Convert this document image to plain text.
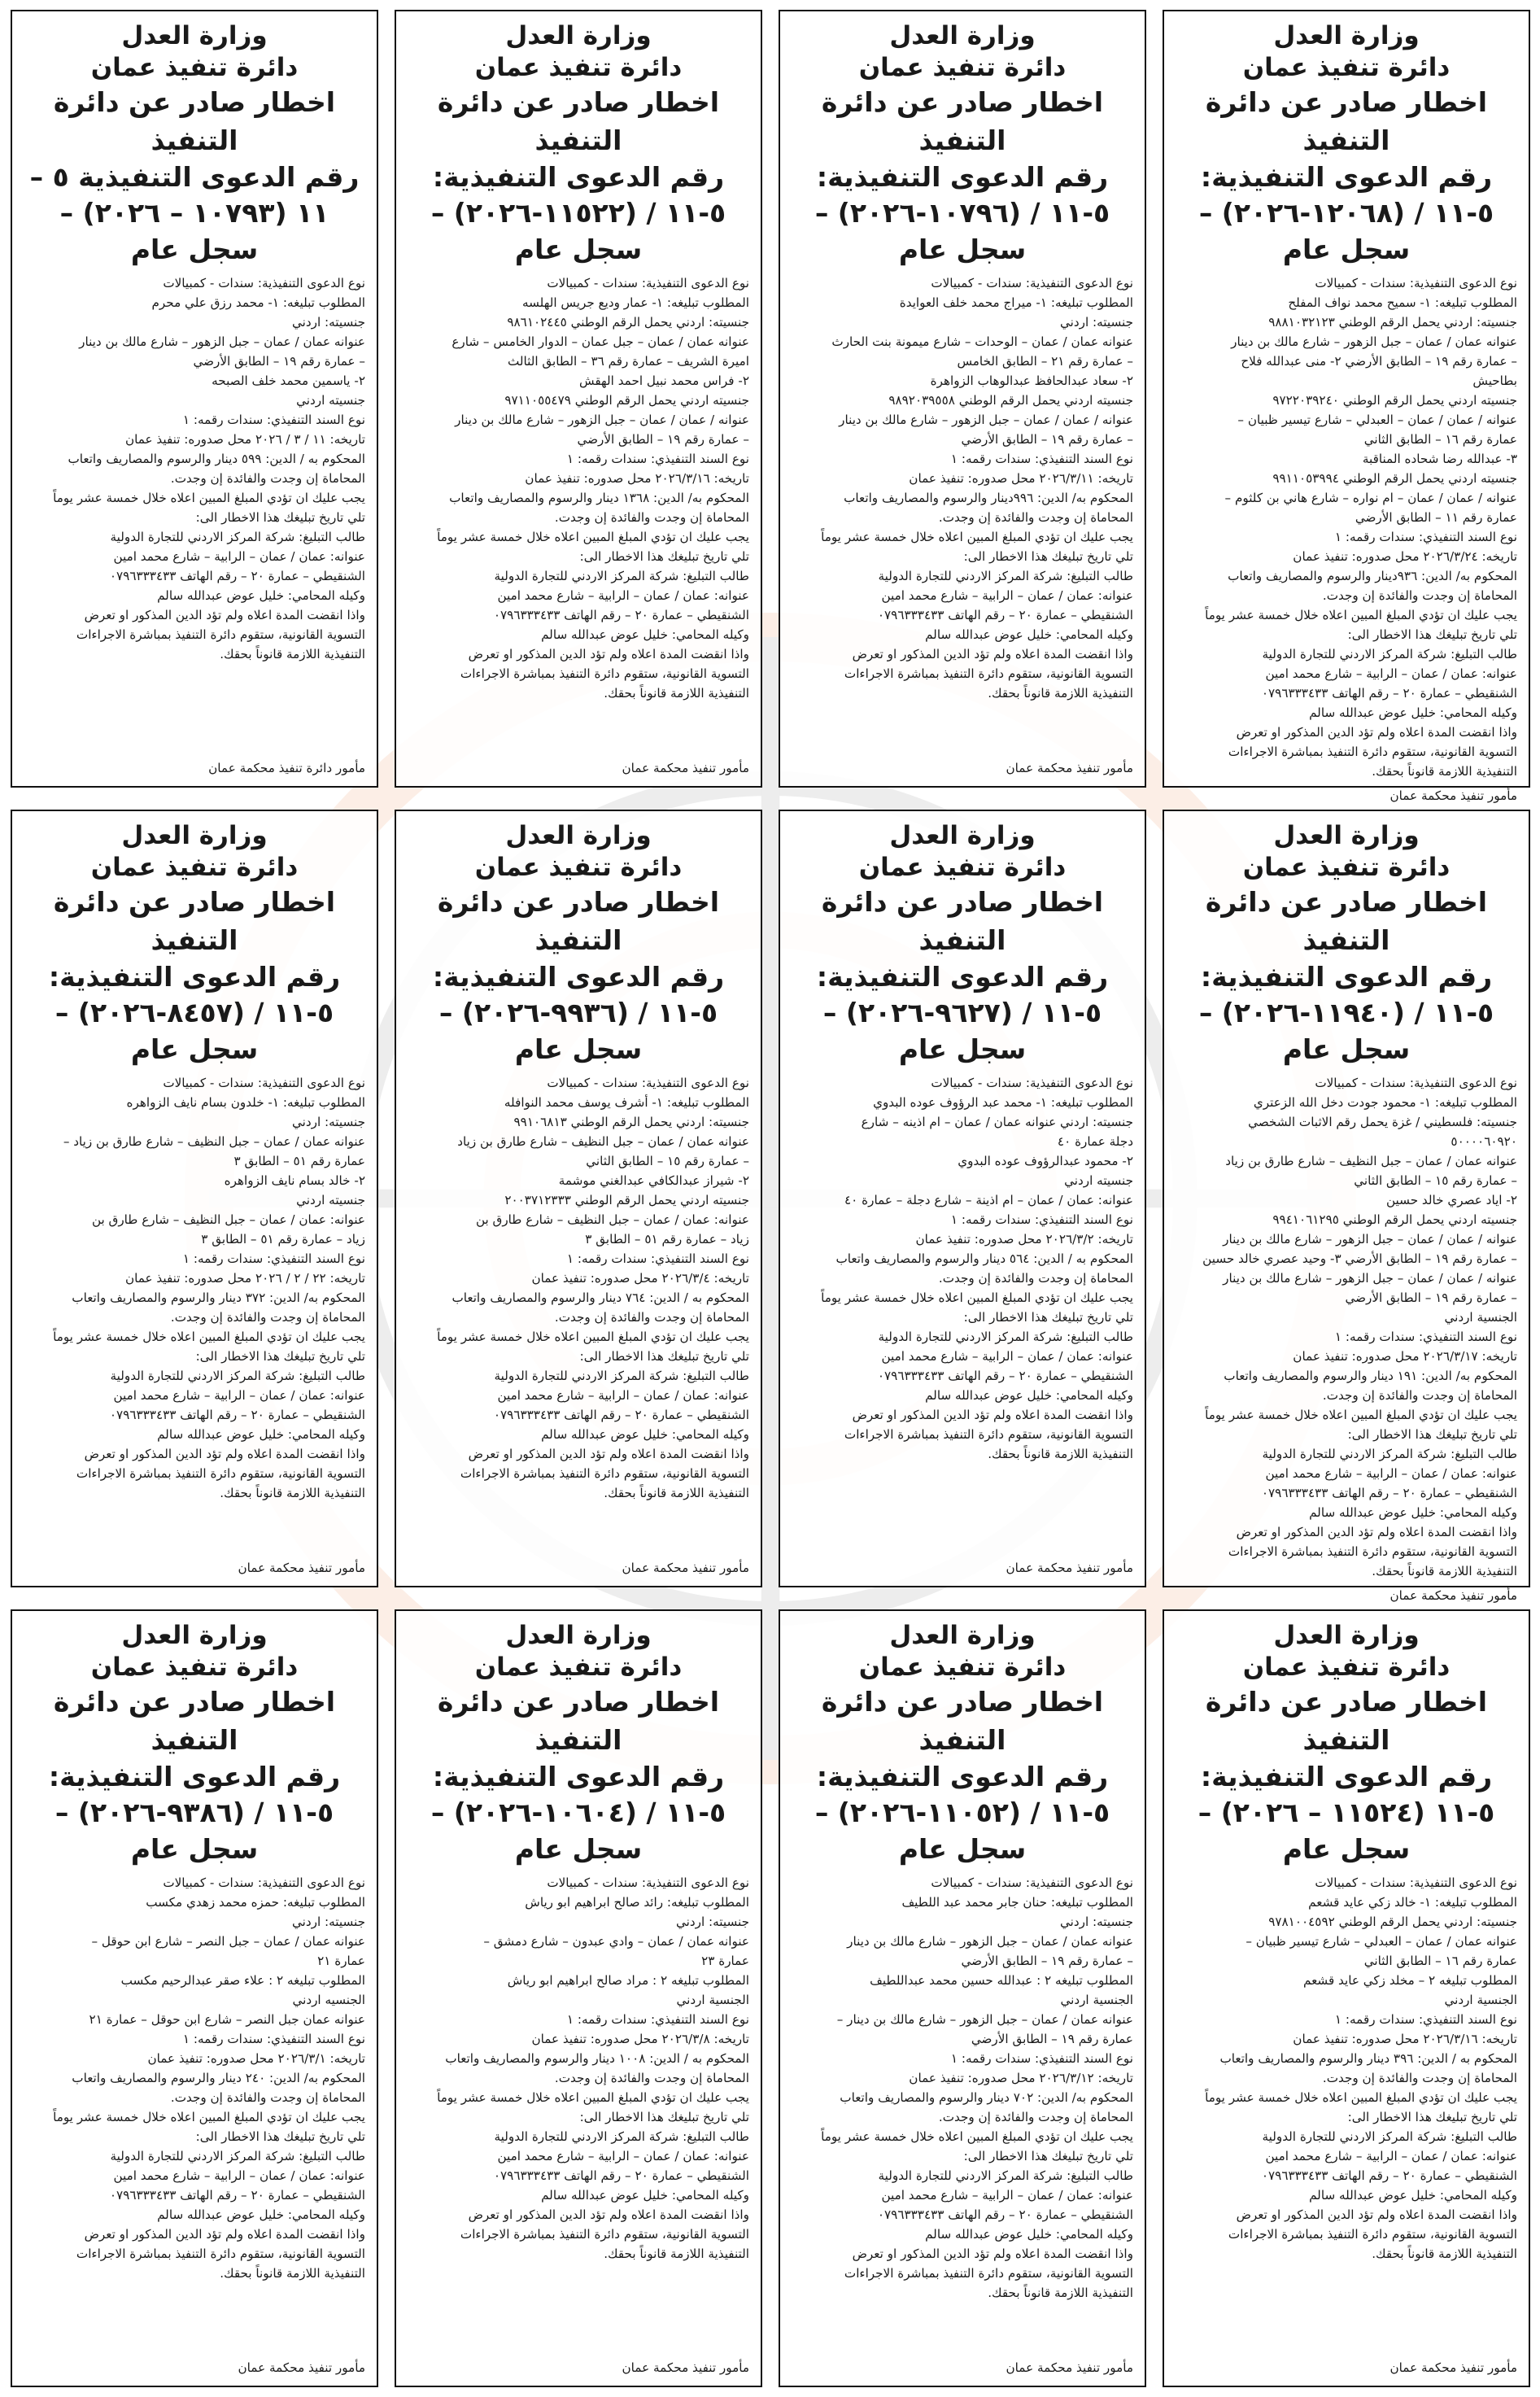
وزارة العدل
دائرة تنفيذ عمان
اخطار صادر عن دائرة التنفيذ
رقم الدعوى التنفيذية: ٥-١١ / (١٢٠٦٨-٢٠٢٦) – سجل عام

نوع الدعوى التنفيذية: سندات - كمبيالات

المطلوب تبليغه: ١- سميح محمد نواف المفلح

جنسيته: اردني يحمل الرقم الوطني ٩٨٨١٠٣٢١٢٣

عنوانه عمان / عمان – جبل الزهور – شارع مالك بن دينار

– عمارة رقم ١٩ – الطابق الأرضي ٢- منى عبدالله فلاح

بطاحيش

جنسيته اردني يحمل الرقم الوطني ٩٧٢٢٠٣٩٢٤٠

عنوانه / عمان / عمان – العبدلي – شارع تيسير ظبيان –

عمارة رقم ١٦ – الطابق الثاني

٣- عبدالله رضا شحاده المناقبة

جنسيته اردني يحمل الرقم الوطني ٩٩١١٠٥٣٩٩٤

عنوانه / عمان / عمان – ام نواره – شارع هاني بن كلثوم –

عمارة رقم ١١ – الطابق الأرضي

نوع السند التنفيذي: سندات رقمه: ١

تاريخه: ٢٠٢٦/٣/٢٤ محل صدوره: تنفيذ عمان

المحكوم به/ الدين: ٩٣٦دينار والرسوم والمصاريف واتعاب

المحاماة إن وجدت والفائدة إن وجدت.

يجب عليك ان تؤدي المبلغ المبين اعلاه خلال خمسة عشر يوماً

تلي تاريخ تبليغك هذا الاخطار الى:

طالب التبليغ: شركة المركز الاردني للتجارة الدولية

عنوانه: عمان / عمان – الرابية – شارع محمد امين

الشنقيطي – عمارة ٢٠ – رقم الهاتف ٠٧٩٦٣٣٣٤٣٣

وكيله المحامي: خليل عوض عبدالله سالم

واذا انقضت المدة اعلاه ولم تؤد الدين المذكور او تعرض

التسوية القانونية، ستقوم دائرة التنفيذ بمباشرة الاجراءات

التنفيذية اللازمة قانوناً بحقك.

مأمور تنفيذ محكمة عمان
وزارة العدل
دائرة تنفيذ عمان
اخطار صادر عن دائرة التنفيذ
رقم الدعوى التنفيذية: ٥-١١ / (١٠٧٩٦-٢٠٢٦) – سجل عام

نوع الدعوى التنفيذية: سندات - كمبيالات

المطلوب تبليغه: ١- ميراج محمد خلف العوايدة

جنسيته: اردني

عنوانه عمان / عمان – الوحدات – شارع ميمونة بنت الحارث

– عمارة رقم ٢١ – الطابق الخامس

٢- سعاد عبدالحافظ عبدالوهاب الزواهرة

جنسيته اردني يحمل الرقم الوطني ٩٨٩٢٠٣٩٥٥٨

عنوانه / عمان / عمان – جبل الزهور – شارع مالك بن دينار

– عمارة رقم ١٩ – الطابق الأرضي

نوع السند التنفيذي: سندات رقمه: ١

تاريخه: ٢٠٢٦/٣/١١ محل صدوره: تنفيذ عمان

المحكوم به/ الدين: ٩٩٦دينار والرسوم والمصاريف واتعاب

المحاماة إن وجدت والفائدة إن وجدت.

يجب عليك ان تؤدي المبلغ المبين اعلاه خلال خمسة عشر يوماً

تلي تاريخ تبليغك هذا الاخطار الى:

طالب التبليغ: شركة المركز الاردني للتجارة الدولية

عنوانه: عمان / عمان – الرابية – شارع محمد امين

الشنقيطي – عمارة ٢٠ – رقم الهاتف ٠٧٩٦٣٣٣٤٣٣

وكيله المحامي: خليل عوض عبدالله سالم

واذا انقضت المدة اعلاه ولم تؤد الدين المذكور او تعرض

التسوية القانونية، ستقوم دائرة التنفيذ بمباشرة الاجراءات

التنفيذية اللازمة قانوناً بحقك.

مأمور تنفيذ محكمة عمان
وزارة العدل
دائرة تنفيذ عمان
اخطار صادر عن دائرة التنفيذ
رقم الدعوى التنفيذية: ٥-١١ / (١١٥٢٢-٢٠٢٦) – سجل عام

نوع الدعوى التنفيذية: سندات - كمبيالات

المطلوب تبليغه: ١- عمار وديع جريس الهلسه

جنسيته: اردني يحمل الرقم الوطني ٩٨٦١٠٢٤٤٥

عنوانه عمان / عمان – جبل عمان – الدوار الخامس – شارع

اميرة الشريف – عمارة رقم ٣٦ – الطابق الثالث

٢- فراس محمد نبيل احمد الهقش

جنسيته اردني يحمل الرقم الوطني ٩٧١١٠٥٥٤٧٩

عنوانه / عمان / عمان – جبل الزهور – شارع مالك بن دينار

– عمارة رقم ١٩ – الطابق الأرضي

نوع السند التنفيذي: سندات رقمه: ١

تاريخه: ٢٠٢٦/٣/١٦ محل صدوره: تنفيذ عمان

المحكوم به/ الدين: ١٣٦٨ دينار والرسوم والمصاريف واتعاب

المحاماة إن وجدت والفائدة إن وجدت.

يجب عليك ان تؤدي المبلغ المبين اعلاه خلال خمسة عشر يوماً

تلي تاريخ تبليغك هذا الاخطار الى:

طالب التبليغ: شركة المركز الاردني للتجارة الدولية

عنوانه: عمان / عمان – الرابية – شارع محمد امين

الشنقيطي – عمارة ٢٠ – رقم الهاتف ٠٧٩٦٣٣٣٤٣٣

وكيله المحامي: خليل عوض عبدالله سالم

واذا انقضت المدة اعلاه ولم تؤد الدين المذكور او تعرض

التسوية القانونية، ستقوم دائرة التنفيذ بمباشرة الاجراءات

التنفيذية اللازمة قانوناً بحقك.

مأمور تنفيذ محكمة عمان
وزارة العدل
دائرة تنفيذ عمان
اخطار صادر عن دائرة التنفيذ
رقم الدعوى التنفيذية ٥ – ١١ (١٠٧٩٣ – ٢٠٢٦) – سجل عام

نوع الدعوى التنفيذية: سندات - كمبيالات

المطلوب تبليغه: ١- محمد رزق علي محرم

جنسيته: اردني

عنوانه عمان / عمان – جبل الزهور – شارع مالك بن دينار

– عمارة رقم ١٩ – الطابق الأرضي

٢- ياسمين محمد خلف الصبحه

جنسيته اردني

نوع السند التنفيذي: سندات رقمه: ١

تاريخه: ١١ / ٣ / ٢٠٢٦ محل صدوره: تنفيذ عمان

المحكوم به / الدين: ٥٩٩ دينار والرسوم والمصاريف واتعاب

المحاماة إن وجدت والفائدة إن وجدت.

يجب عليك ان تؤدي المبلغ المبين اعلاه خلال خمسة عشر يوماً

تلي تاريخ تبليغك هذا الاخطار الى:

طالب التبليغ: شركة المركز الاردني للتجارة الدولية

عنوانه: عمان / عمان – الرابية – شارع محمد امين

الشنقيطي – عمارة ٢٠ – رقم الهاتف ٠٧٩٦٣٣٣٤٣٣

وكيله المحامي: خليل عوض عبدالله سالم

واذا انقضت المدة اعلاه ولم تؤد الدين المذكور او تعرض

التسوية القانونية، ستقوم دائرة التنفيذ بمباشرة الاجراءات

التنفيذية اللازمة قانوناً بحقك.

مأمور دائرة تنفيذ محكمة عمان
وزارة العدل
دائرة تنفيذ عمان
اخطار صادر عن دائرة التنفيذ
رقم الدعوى التنفيذية: ٥-١١ / (١١٩٤٠-٢٠٢٦) – سجل عام

نوع الدعوى التنفيذية: سندات - كمبيالات

المطلوب تبليغه: ١- محمود جودت دخل الله الزعتري

جنسيته: فلسطيني / غزة يحمل رقم الاثبات الشخصي

٥٠٠٠٠٦٠٩٢٠

عنوانه عمان / عمان – جبل النظيف – شارع طارق بن زياد

– عمارة رقم ١٥ – الطابق الثاني

٢- اياد عصري خالد حسين

جنسيته اردني يحمل الرقم الوطني ٩٩٤١٠٦١٢٩٥

عنوانه / عمان / عمان – جبل الزهور – شارع مالك بن دينار

– عمارة رقم ١٩ – الطابق الأرضي ٣- وحيد عصري خالد حسين

عنوانه / عمان / عمان – جبل الزهور – شارع مالك بن دينار

– عمارة رقم ١٩ – الطابق الأرضي

الجنسية اردني

نوع السند التنفيذي: سندات رقمه: ١

تاريخه: ٢٠٢٦/٣/١٧ محل صدوره: تنفيذ عمان

المحكوم به/ الدين: ١٩١ دينار والرسوم والمصاريف واتعاب

المحاماة إن وجدت والفائدة إن وجدت.

يجب عليك ان تؤدي المبلغ المبين اعلاه خلال خمسة عشر يوماً

تلي تاريخ تبليغك هذا الاخطار الى:

طالب التبليغ: شركة المركز الاردني للتجارة الدولية

عنوانه: عمان / عمان – الرابية – شارع محمد امين

الشنقيطي – عمارة ٢٠ – رقم الهاتف ٠٧٩٦٣٣٣٤٣٣

وكيله المحامي: خليل عوض عبدالله سالم

واذا انقضت المدة اعلاه ولم تؤد الدين المذكور او تعرض

التسوية القانونية، ستقوم دائرة التنفيذ بمباشرة الاجراءات

التنفيذية اللازمة قانوناً بحقك.

مأمور تنفيذ محكمة عمان
وزارة العدل
دائرة تنفيذ عمان
اخطار صادر عن دائرة التنفيذ
رقم الدعوى التنفيذية: ٥-١١ / (٩٦٢٧-٢٠٢٦) – سجل عام

نوع الدعوى التنفيذية: سندات - كمبيالات

المطلوب تبليغه: ١- محمد عبد الرؤوف عوده البدوي

جنسيته: اردني عنوانه عمان / عمان – ام اذينه – شارع

دجلة عمارة ٤٠

٢- محمود عبدالرؤوف عوده البدوي

جنسيته اردني

عنوانه: عمان / عمان – ام اذينة – شارع دجلة – عمارة ٤٠

نوع السند التنفيذي: سندات رقمه: ١

تاريخه: ٢٠٢٦/٣/٢ محل صدوره: تنفيذ عمان

المحكوم به / الدين: ٥٦٤ دينار والرسوم والمصاريف واتعاب

المحاماة إن وجدت والفائدة إن وجدت.

يجب عليك ان تؤدي المبلغ المبين اعلاه خلال خمسة عشر يوماً

تلي تاريخ تبليغك هذا الاخطار الى:

طالب التبليغ: شركة المركز الاردني للتجارة الدولية

عنوانه: عمان / عمان – الرابية – شارع محمد امين

الشنقيطي – عمارة ٢٠ – رقم الهاتف ٠٧٩٦٣٣٣٤٣٣

وكيله المحامي: خليل عوض عبدالله سالم

واذا انقضت المدة اعلاه ولم تؤد الدين المذكور او تعرض

التسوية القانونية، ستقوم دائرة التنفيذ بمباشرة الاجراءات

التنفيذية اللازمة قانوناً بحقك.

مأمور تنفيذ محكمة عمان
وزارة العدل
دائرة تنفيذ عمان
اخطار صادر عن دائرة التنفيذ
رقم الدعوى التنفيذية: ٥-١١ / (٩٩٣٦-٢٠٢٦) – سجل عام

نوع الدعوى التنفيذية: سندات - كمبيالات

المطلوب تبليغه: ١- أشرف يوسف محمد النوافله

جنسيته: اردني يحمل الرقم الوطني ٩٩١٠٦٨١٣

عنوانه عمان / عمان – جبل النظيف – شارع طارق بن زياد

– عمارة رقم ١٥ – الطابق الثاني

٢- شيراز عبدالكافي عبدالغني موشمة

جنسيته اردني يحمل الرقم الوطني ٢٠٠٣٧١٢٣٣٣

عنوانه: عمان / عمان – جبل النظيف – شارع طارق بن

زياد – عمارة رقم ٥١ – الطابق ٣

نوع السند التنفيذي: سندات رقمه: ١

تاريخه: ٢٠٢٦/٣/٤ محل صدوره: تنفيذ عمان

المحكوم به / الدين: ٧٦٤ دينار والرسوم والمصاريف واتعاب

المحاماة إن وجدت والفائدة إن وجدت.

يجب عليك ان تؤدي المبلغ المبين اعلاه خلال خمسة عشر يوماً

تلي تاريخ تبليغك هذا الاخطار الى:

طالب التبليغ: شركة المركز الاردني للتجارة الدولية

عنوانه: عمان / عمان – الرابية – شارع محمد امين

الشنقيطي – عمارة ٢٠ – رقم الهاتف ٠٧٩٦٣٣٣٤٣٣

وكيله المحامي: خليل عوض عبدالله سالم

واذا انقضت المدة اعلاه ولم تؤد الدين المذكور او تعرض

التسوية القانونية، ستقوم دائرة التنفيذ بمباشرة الاجراءات

التنفيذية اللازمة قانوناً بحقك.

مأمور تنفيذ محكمة عمان
وزارة العدل
دائرة تنفيذ عمان
اخطار صادر عن دائرة التنفيذ
رقم الدعوى التنفيذية: ٥-١١ / (٨٤٥٧-٢٠٢٦) – سجل عام

نوع الدعوى التنفيذية: سندات - كمبيالات

المطلوب تبليغه: ١- خلدون بسام نايف الزواهره

جنسيته: اردني

عنوانه عمان / عمان – جبل النظيف – شارع طارق بن زياد –

عمارة رقم ٥١ – الطابق ٣

٢- خالد بسام نايف الزواهره

جنسيته اردني

عنوانه: عمان / عمان – جبل النظيف – شارع طارق بن

زياد – عمارة رقم ٥١ – الطابق ٣

نوع السند التنفيذي: سندات رقمه: ١

تاريخه: ٢٢ / ٢ / ٢٠٢٦ محل صدوره: تنفيذ عمان

المحكوم به/ الدين: ٣٧٢ دينار والرسوم والمصاريف واتعاب

المحاماة إن وجدت والفائدة إن وجدت.

يجب عليك ان تؤدي المبلغ المبين اعلاه خلال خمسة عشر يوماً

تلي تاريخ تبليغك هذا الاخطار الى:

طالب التبليغ: شركة المركز الاردني للتجارة الدولية

عنوانه: عمان / عمان – الرابية – شارع محمد امين

الشنقيطي – عمارة ٢٠ – رقم الهاتف ٠٧٩٦٣٣٣٤٣٣

وكيله المحامي: خليل عوض عبدالله سالم

واذا انقضت المدة اعلاه ولم تؤد الدين المذكور او تعرض

التسوية القانونية، ستقوم دائرة التنفيذ بمباشرة الاجراءات

التنفيذية اللازمة قانوناً بحقك.

مأمور تنفيذ محكمة عمان
وزارة العدل
دائرة تنفيذ عمان
اخطار صادر عن دائرة التنفيذ
رقم الدعوى التنفيذية: ٥-١١ (١١٥٢٤ – ٢٠٢٦) – سجل عام

نوع الدعوى التنفيذية: سندات - كمبيالات

المطلوب تبليغه: ١- خالد زكي عايد قشعم

جنسيته: اردني يحمل الرقم الوطني ٩٧٨١٠٠٤٥٩٢

عنوانه عمان / عمان – العبدلي – شارع تيسير ظبيان –

عمارة رقم ١٦ – الطابق الثاني

المطلوب تبليغه ٢ – مخلد زكي عايد قشعم

الجنسية اردني

نوع السند التنفيذي: سندات رقمه: ١

تاريخه: ٢٠٢٦/٣/١٦ محل صدوره: تنفيذ عمان

المحكوم به / الدين: ٣٩٦ دينار والرسوم والمصاريف واتعاب

المحاماة إن وجدت والفائدة إن وجدت.

يجب عليك ان تؤدي المبلغ المبين اعلاه خلال خمسة عشر يوماً

تلي تاريخ تبليغك هذا الاخطار الى:

طالب التبليغ: شركة المركز الاردني للتجارة الدولية

عنوانه: عمان / عمان – الرابية – شارع محمد امين

الشنقيطي – عمارة ٢٠ – رقم الهاتف ٠٧٩٦٣٣٣٤٣٣

وكيله المحامي: خليل عوض عبدالله سالم

واذا انقضت المدة اعلاه ولم تؤد الدين المذكور او تعرض

التسوية القانونية، ستقوم دائرة التنفيذ بمباشرة الاجراءات

التنفيذية اللازمة قانوناً بحقك.

مأمور تنفيذ محكمة عمان
وزارة العدل
دائرة تنفيذ عمان
اخطار صادر عن دائرة التنفيذ
رقم الدعوى التنفيذية: ٥-١١ / (١١٠٥٢-٢٠٢٦) – سجل عام

نوع الدعوى التنفيذية: سندات - كمبيالات

المطلوب تبليغه: حنان جابر محمد عبد اللطيف

جنسيته: اردني

عنوانه عمان / عمان – جبل الزهور – شارع مالك بن دينار

– عمارة رقم ١٩ – الطابق الأرضي

المطلوب تبليغه ٢ : عبدالله حسين محمد عبداللطيف

الجنسية اردني

عنوانه عمان / عمان – جبل الزهور – شارع مالك بن دينار –

عمارة رقم ١٩ – الطابق الأرضي

نوع السند التنفيذي: سندات رقمه: ١

تاريخه: ٢٠٢٦/٣/١٢ محل صدوره: تنفيذ عمان

المحكوم به/ الدين: ٧٠٢ دينار والرسوم والمصاريف واتعاب

المحاماة إن وجدت والفائدة إن وجدت.

يجب عليك ان تؤدي المبلغ المبين اعلاه خلال خمسة عشر يوماً

تلي تاريخ تبليغك هذا الاخطار الى:

طالب التبليغ: شركة المركز الاردني للتجارة الدولية

عنوانه: عمان / عمان – الرابية – شارع محمد امين

الشنقيطي – عمارة ٢٠ – رقم الهاتف ٠٧٩٦٣٣٣٤٣٣

وكيله المحامي: خليل عوض عبدالله سالم

واذا انقضت المدة اعلاه ولم تؤد الدين المذكور او تعرض

التسوية القانونية، ستقوم دائرة التنفيذ بمباشرة الاجراءات

التنفيذية اللازمة قانوناً بحقك.

مأمور تنفيذ محكمة عمان
وزارة العدل
دائرة تنفيذ عمان
اخطار صادر عن دائرة التنفيذ
رقم الدعوى التنفيذية: ٥-١١ / (١٠٦٠٤-٢٠٢٦) – سجل عام

نوع الدعوى التنفيذية: سندات - كمبيالات

المطلوب تبليغه: رائد صالح ابراهيم ابو رياش

جنسيته: اردني

عنوانه عمان / عمان – وادي عبدون – شارع دمشق –

عمارة ٢٣

المطلوب تبليغه ٢ : مراد صالح ابراهيم ابو رياش

الجنسية اردني

نوع السند التنفيذي: سندات رقمه: ١

تاريخه: ٢٠٢٦/٣/٨ محل صدوره: تنفيذ عمان

المحكوم به / الدين: ١٠٠٨ دينار والرسوم والمصاريف واتعاب

المحاماة إن وجدت والفائدة إن وجدت.

يجب عليك ان تؤدي المبلغ المبين اعلاه خلال خمسة عشر يوماً

تلي تاريخ تبليغك هذا الاخطار الى:

طالب التبليغ: شركة المركز الاردني للتجارة الدولية

عنوانه: عمان / عمان – الرابية – شارع محمد امين

الشنقيطي – عمارة ٢٠ – رقم الهاتف ٠٧٩٦٣٣٣٤٣٣

وكيله المحامي: خليل عوض عبدالله سالم

واذا انقضت المدة اعلاه ولم تؤد الدين المذكور او تعرض

التسوية القانونية، ستقوم دائرة التنفيذ بمباشرة الاجراءات

التنفيذية اللازمة قانوناً بحقك.

مأمور تنفيذ محكمة عمان
وزارة العدل
دائرة تنفيذ عمان
اخطار صادر عن دائرة التنفيذ
رقم الدعوى التنفيذية: ٥-١١ / (٩٣٨٦-٢٠٢٦) – سجل عام

نوع الدعوى التنفيذية: سندات - كمبيالات

المطلوب تبليغه: حمزه محمد زهدي مكسب

جنسيته: اردني

عنوانه عمان / عمان – جبل النصر – شارع ابن حوقل –

عمارة ٢١

المطلوب تبليغه ٢ : علاء صقر عبدالرحيم مكسب

الجنسيه اردني

عنوانه عمان جبل النصر – شارع ابن حوقل – عمارة ٢١

نوع السند التنفيذي: سندات رقمه: ١

تاريخه: ٢٠٢٦/٣/١ محل صدوره: تنفيذ عمان

المحكوم به/ الدين: ٢٤٠ دينار والرسوم والمصاريف واتعاب

المحاماة إن وجدت والفائدة إن وجدت.

يجب عليك ان تؤدي المبلغ المبين اعلاه خلال خمسة عشر يوماً

تلي تاريخ تبليغك هذا الاخطار الى:

طالب التبليغ: شركة المركز الاردني للتجارة الدولية

عنوانه: عمان / عمان – الرابية – شارع محمد امين

الشنقيطي – عمارة ٢٠ – رقم الهاتف ٠٧٩٦٣٣٣٤٣٣

وكيله المحامي: خليل عوض عبدالله سالم

واذا انقضت المدة اعلاه ولم تؤد الدين المذكور او تعرض

التسوية القانونية، ستقوم دائرة التنفيذ بمباشرة الاجراءات

التنفيذية اللازمة قانوناً بحقك.

مأمور تنفيذ محكمة عمان
